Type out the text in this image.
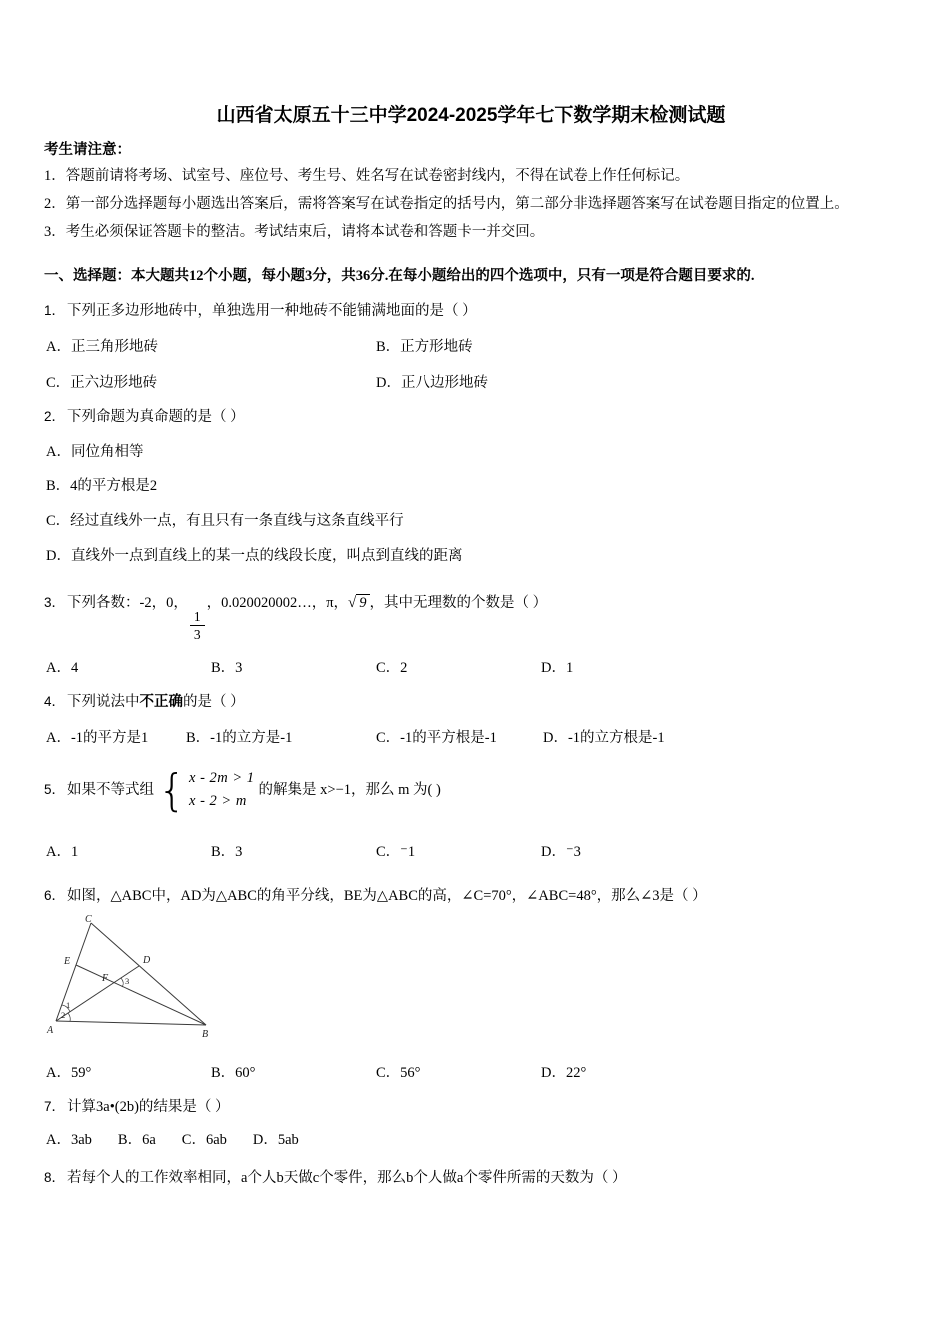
山西省太原五十三中学2024-2025学年七下数学期末检测试题

考生请注意：

1．答题前请将考场、试室号、座位号、考生号、姓名写在试卷密封线内，不得在试卷上作任何标记。

2．第一部分选择题每小题选出答案后，需将答案写在试卷指定的括号内，第二部分非选择题答案写在试卷题目指定的位置上。

3．考生必须保证答题卡的整洁。考试结束后，请将本试卷和答题卡一并交回。

一、选择题：本大题共12个小题，每小题3分，共36分.在每小题给出的四个选项中，只有一项是符合题目要求的.

1． 下列正多边形地砖中，单独选用一种地砖不能铺满地面的是（ ）

A．正三角形地砖	B．正方形地砖
C．正六边形地砖	D．正八边形地砖

2． 下列命题为真命题的是（ ）

A．同位角相等

B．4的平方根是2

C．经过直线外一点，有且只有一条直线与这条直线平行

D．直线外一点到直线上的某一点的线段长度，叫点到直线的距离

3． 下列各数：-2，0，
$\frac{1}{3}$
，0.020020002…，π，√ 9 ，其中无理数的个数是（ ）

A．4	B．3	C．2	D．1

4． 下列说法中不正确的是（ ）

A．-1的平方是1	B．-1的立方是-1	C．-1的平方根是-1	D．-1的立方根是-1
5． 如果不等式组 { x - 2m > 1
x - 2 > m
的解集是 x>−1，那么 m 为( )
A．1	B．3	C．⁻1	D．⁻3

6． 如图，△ABC中，AD为△ABC的角平分线，BE为△ABC的高，∠C=70°，∠ABC=48°，那么∠3是（ ）

A	B
C
D
E
F
1
2
3
A．59°	B．60°	C．56°	D．22°

7． 计算3a•(2b)的结果是（ ）

A．3ab B．6a C．6ab D．5ab

8． 若每个人的工作效率相同，a个人b天做c个零件，那么b个人做a个零件所需的天数为（ ）
